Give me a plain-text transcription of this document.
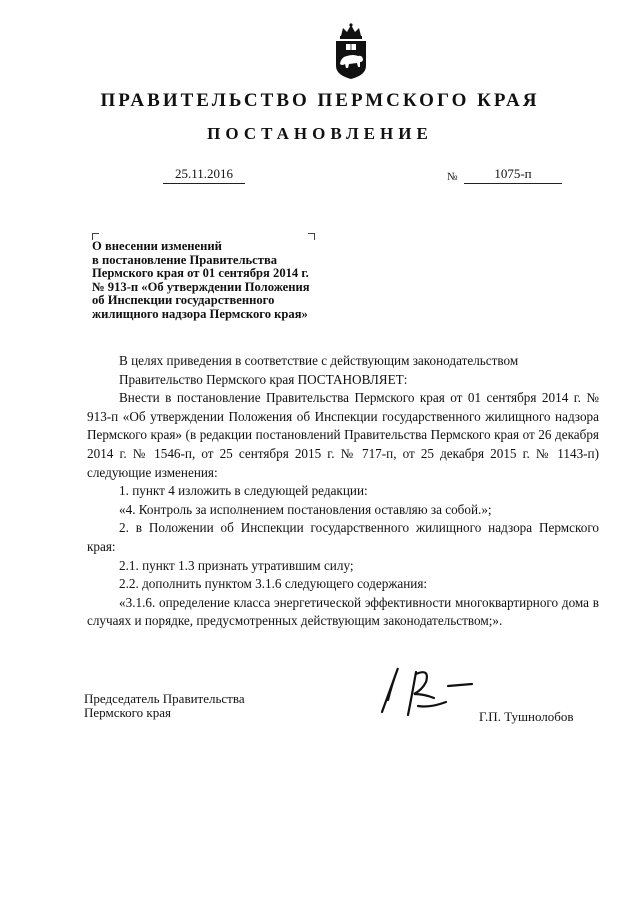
ПРАВИТЕЛЬСТВО ПЕРМСКОГО КРАЯ
ПОСТАНОВЛЕНИЕ
25.11.2016	№	1075-п
О внесении изменений
в постановление Правительства
Пермского края от 01 сентября 2014 г.
№ 913-п «Об утверждении Положения
об Инспекции государственного
жилищного надзора Пермского края»

В целях приведения в соответствие с действующим законодательством

Правительство Пермского края ПОСТАНОВЛЯЕТ:

Внести в постановление Правительства Пермского края от 01 сентября 2014 г. № 913-п «Об утверждении Положения об Инспекции государственного жилищного надзора Пермского края» (в редакции постановлений Правительства Пермского края от 26 декабря 2014 г. № 1546-п, от 25 сентября 2015 г. № 717-п, от 25 декабря 2015 г. № 1143-п) следующие изменения:

1. пункт 4 изложить в следующей редакции:

«4. Контроль за исполнением постановления оставляю за собой.»;

2. в Положении об Инспекции государственного жилищного надзора Пермского края:

2.1. пункт 1.3 признать утратившим силу;

2.2. дополнить пунктом 3.1.6 следующего содержания:

«3.1.6. определение класса энергетической эффективности многоквартирного дома в случаях и порядке, предусмотренных действующим законодательством;».

Председатель Правительства
Пермского края	Г.П. Тушнолобов
